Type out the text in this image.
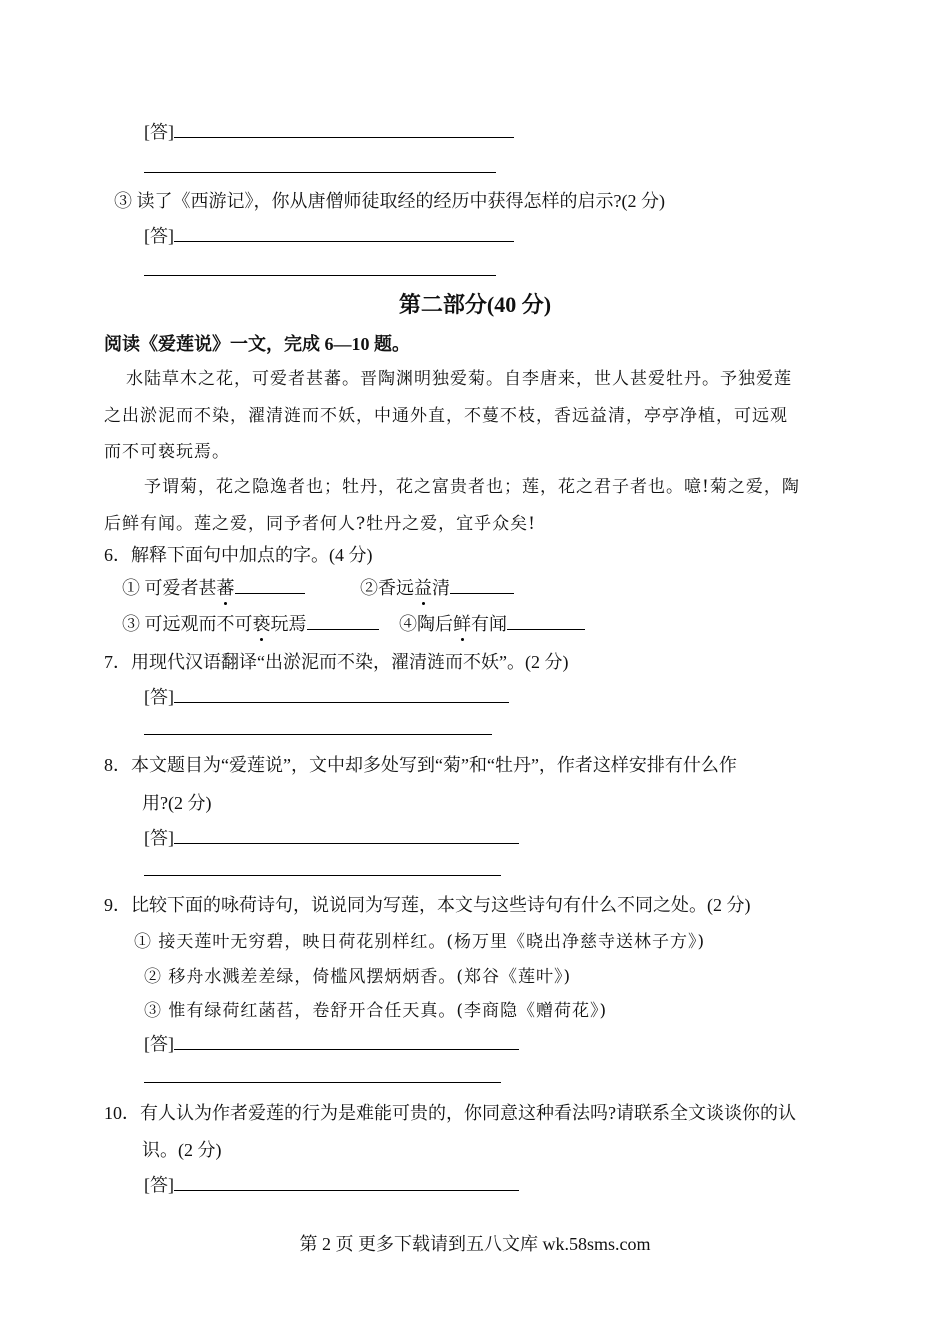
[答]
③ 读了《西游记》，你从唐僧师徒取经的经历中获得怎样的启示?(2 分)
[答]
第二部分(40 分)
阅读《爱莲说》一文，完成 6—10 题。
水陆草木之花，可爱者甚蕃。晋陶渊明独爱菊。自李唐来，世人甚爱牡丹。予独爱莲
之出淤泥而不染，濯清涟而不妖，中通外直，不蔓不枝，香远益清，亭亭净植，可远观
而不可亵玩焉。
予谓菊，花之隐逸者也；牡丹，花之富贵者也；莲，花之君子者也。噫!菊之爱，陶
后鲜有闻。莲之爱，同予者何人?牡丹之爱，宜乎众矣!
6．解释下面句中加点的字。(4 分)
① 可爱者甚蕃	②香远益清
③ 可远观而不可亵玩焉	④陶后鲜有闻
7．用现代汉语翻译“出淤泥而不染，濯清涟而不妖”。(2 分)
[答]
8．本文题目为“爱莲说”，文中却多处写到“菊”和“牡丹”，作者这样安排有什么作
用?(2 分)
[答]
9．比较下面的咏荷诗句，说说同为写莲，本文与这些诗句有什么不同之处。(2 分)
① 接天莲叶无穷碧，映日荷花别样红。(杨万里《晓出净慈寺送林子方》)
② 移舟水溅差差绿，倚槛风摆炳炳香。(郑谷《莲叶》)
③ 惟有绿荷红菡萏，卷舒开合任天真。(李商隐《赠荷花》)
[答]
10．有人认为作者爱莲的行为是难能可贵的，你同意这种看法吗?请联系全文谈谈你的认
识。(2 分)
[答]
第 2 页 更多下载请到五八文库 wk.58sms.com
